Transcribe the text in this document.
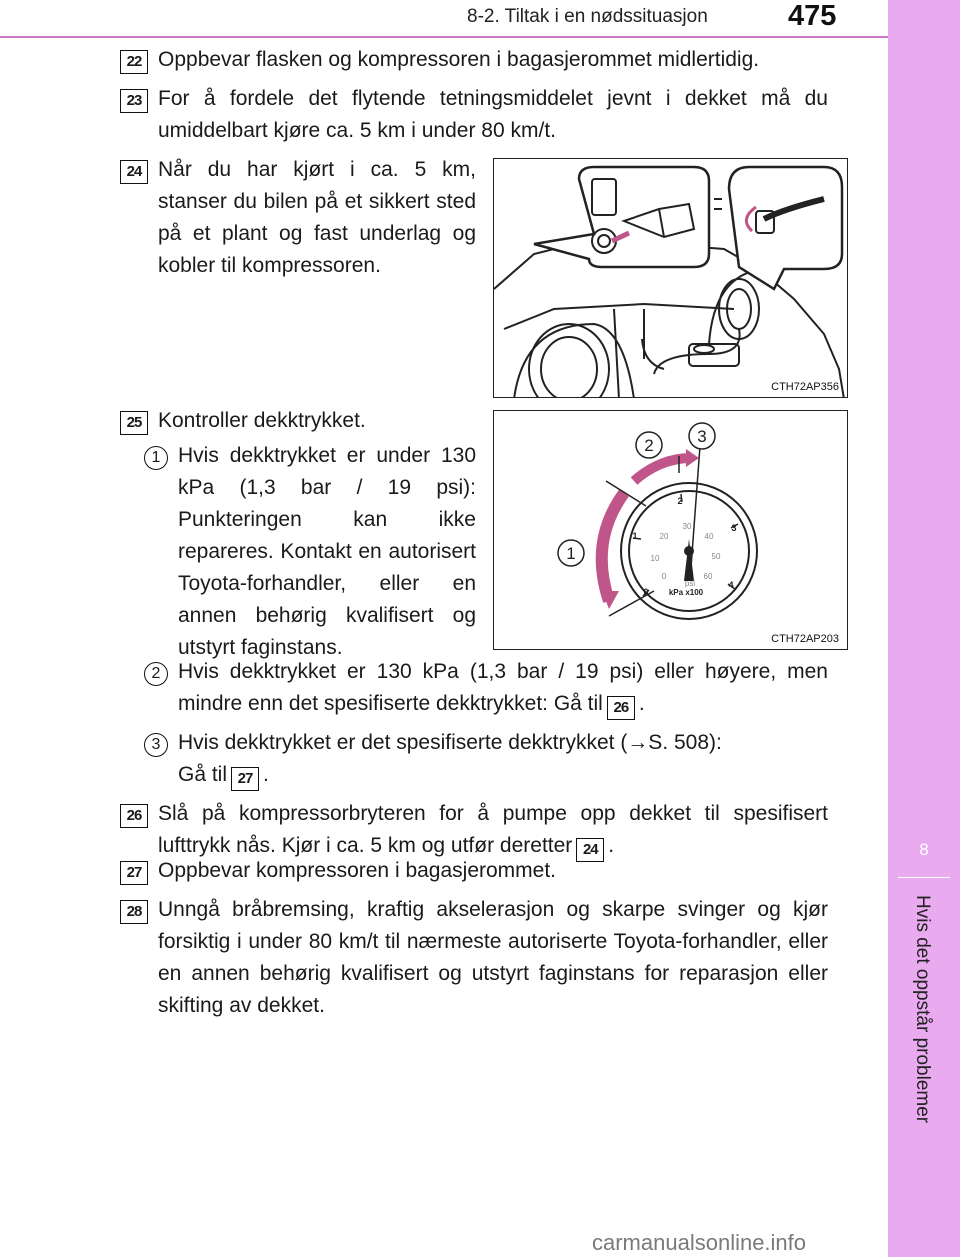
8-2. Tiltak i en nødssituasjon	475
8
Hvis det oppstår problemer
22 Oppbevar flasken og kompressoren i bagasjerommet midlertidig.

23 For å fordele det flytende tetningsmiddelet jevnt i dekket må du umiddelbart kjøre ca. 5 km i under 80 km/t.

24 Når du har kjørt i ca. 5 km, stanser du bilen på et sikkert sted på et plant og fast underlag og kobler til kompressoren.

CTH72AP356
25 Kontroller dekktrykket.

1 Hvis dekktrykket er under 130 kPa (1,3 bar / 19 psi): Punkteringen kan ikke repareres. Kontakt en autorisert Toyota-forhandler, eller en annen behørig kvalifisert og utstyrt faginstans.

1
2	3
0
1
2
3
4
0
10
20
30
40
50
60
psi
kPa x100
CTH72AP203
2 Hvis dekktrykket er 130 kPa (1,3 bar / 19 psi) eller høyere, men mindre enn det spesifiserte dekktrykket: Gå til 26 .

3 Hvis dekktrykket er det spesifiserte dekktrykket (→S. 508):
Gå til 27 .

26 Slå på kompressorbryteren for å pumpe opp dekket til spesifisert lufttrykk nås. Kjør i ca. 5 km og utfør deretter 24 .

27 Oppbevar kompressoren i bagasjerommet.

28 Unngå bråbremsing, kraftig akselerasjon og skarpe svinger og kjør forsiktig i under 80 km/t til nærmeste autoriserte Toyota-forhandler, eller en annen behørig kvalifisert og utstyrt faginstans for reparasjon eller skifting av dekket.

carmanualsonline.info
